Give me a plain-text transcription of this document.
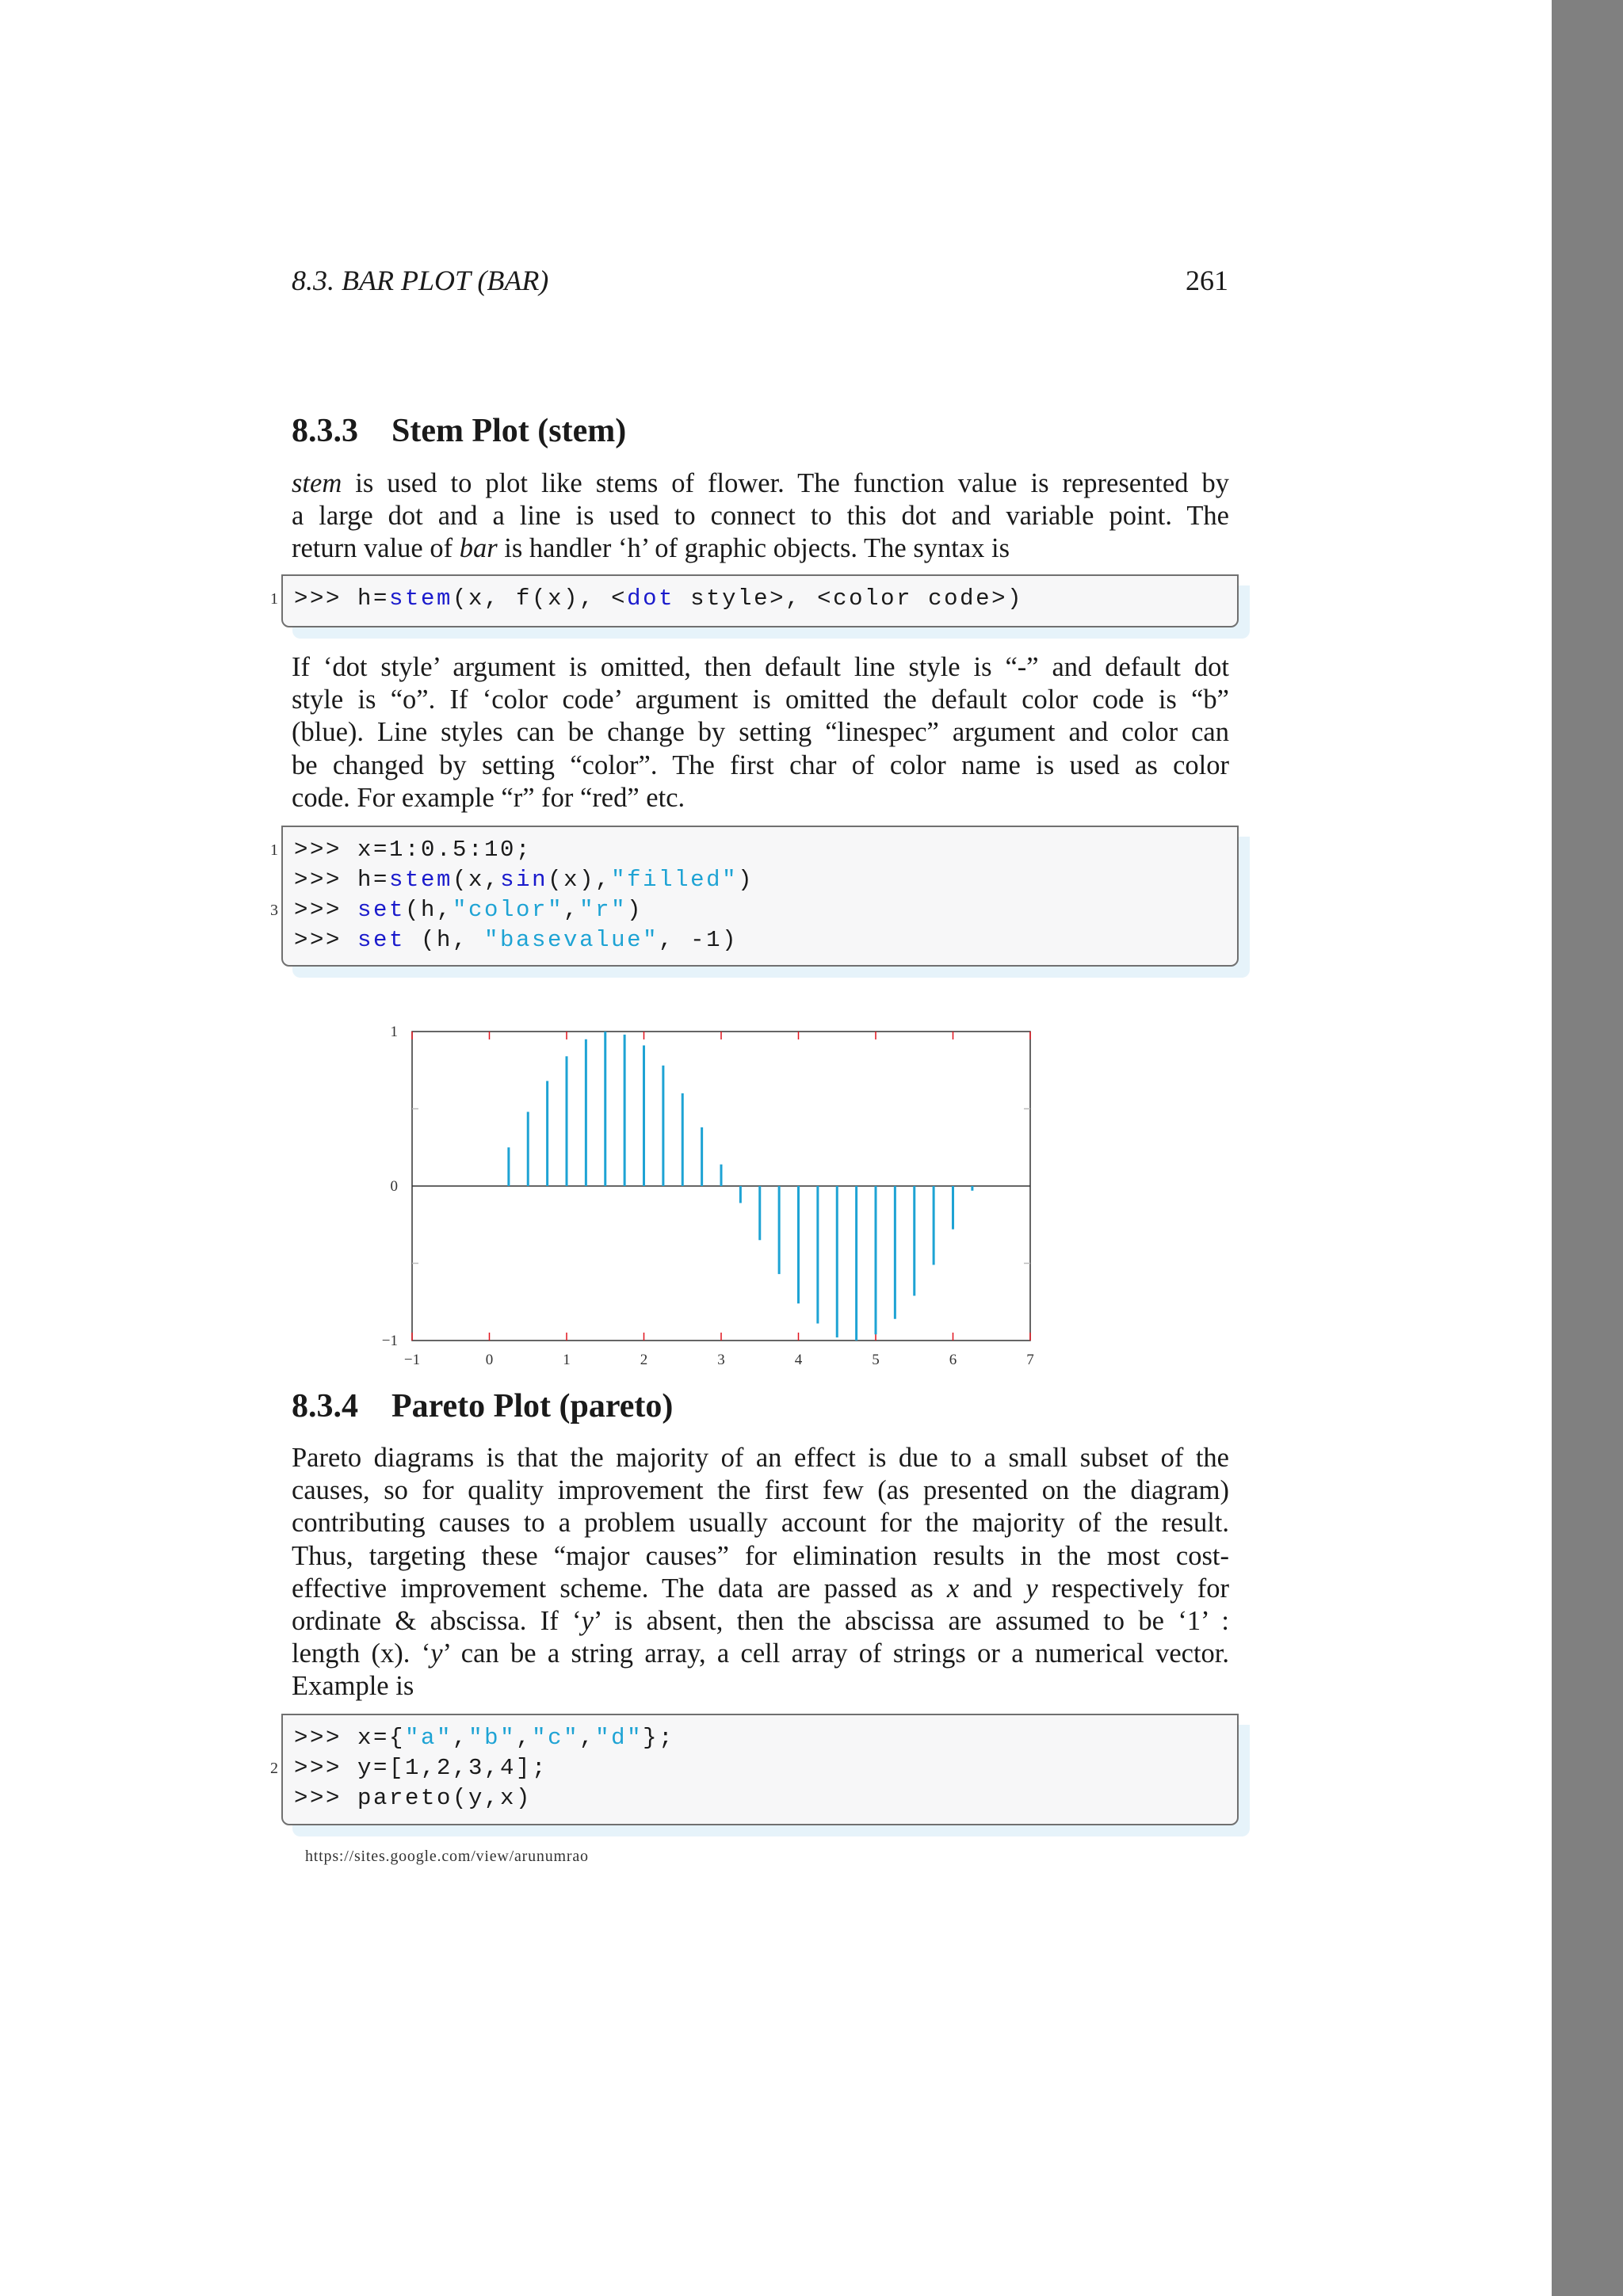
8.3. BAR PLOT (BAR)	261
8.3.3    Stem Plot (stem)

stem is used to plot like stems of flower. The function value is represented by
a large dot and a line is used to connect to this dot and variable point. The
return value of bar is handler ‘h’ of graphic objects. The syntax is

1 >>> h=stem(x, f(x), <dot style>, <color code>)

If ‘dot style’ argument is omitted, then default line style is “-” and default dot
style is “o”. If ‘color code’ argument is omitted the default color code is “b”
(blue). Line styles can be change by setting “linespec” argument and color can
be changed by setting “color”. The first char of color name is used as color
code. For example “r” for “red” etc.

1 >>> x=1:0.5:10;
>>> h=stem(x,sin(x),"filled")
3 >>> set(h,"color","r")
>>> set (h, "basevalue", -1)
−1	0	1	2	3	4	5	6	7
−1
0
1
8.3.4    Pareto Plot (pareto)

Pareto diagrams is that the majority of an effect is due to a small subset of the
causes, so for quality improvement the first few (as presented on the diagram)
contributing causes to a problem usually account for the majority of the result.
Thus, targeting these “major causes” for elimination results in the most cost-
effective improvement scheme. The data are passed as x and y respectively for
ordinate & abscissa. If ‘y’ is absent, then the abscissa are assumed to be ‘1’ :
length (x). ‘y’ can be a string array, a cell array of strings or a numerical vector.
Example is

>>> x={"a","b","c","d"};
2 >>> y=[1,2,3,4];
>>> pareto(y,x)
https://sites.google.com/view/arunumrao
